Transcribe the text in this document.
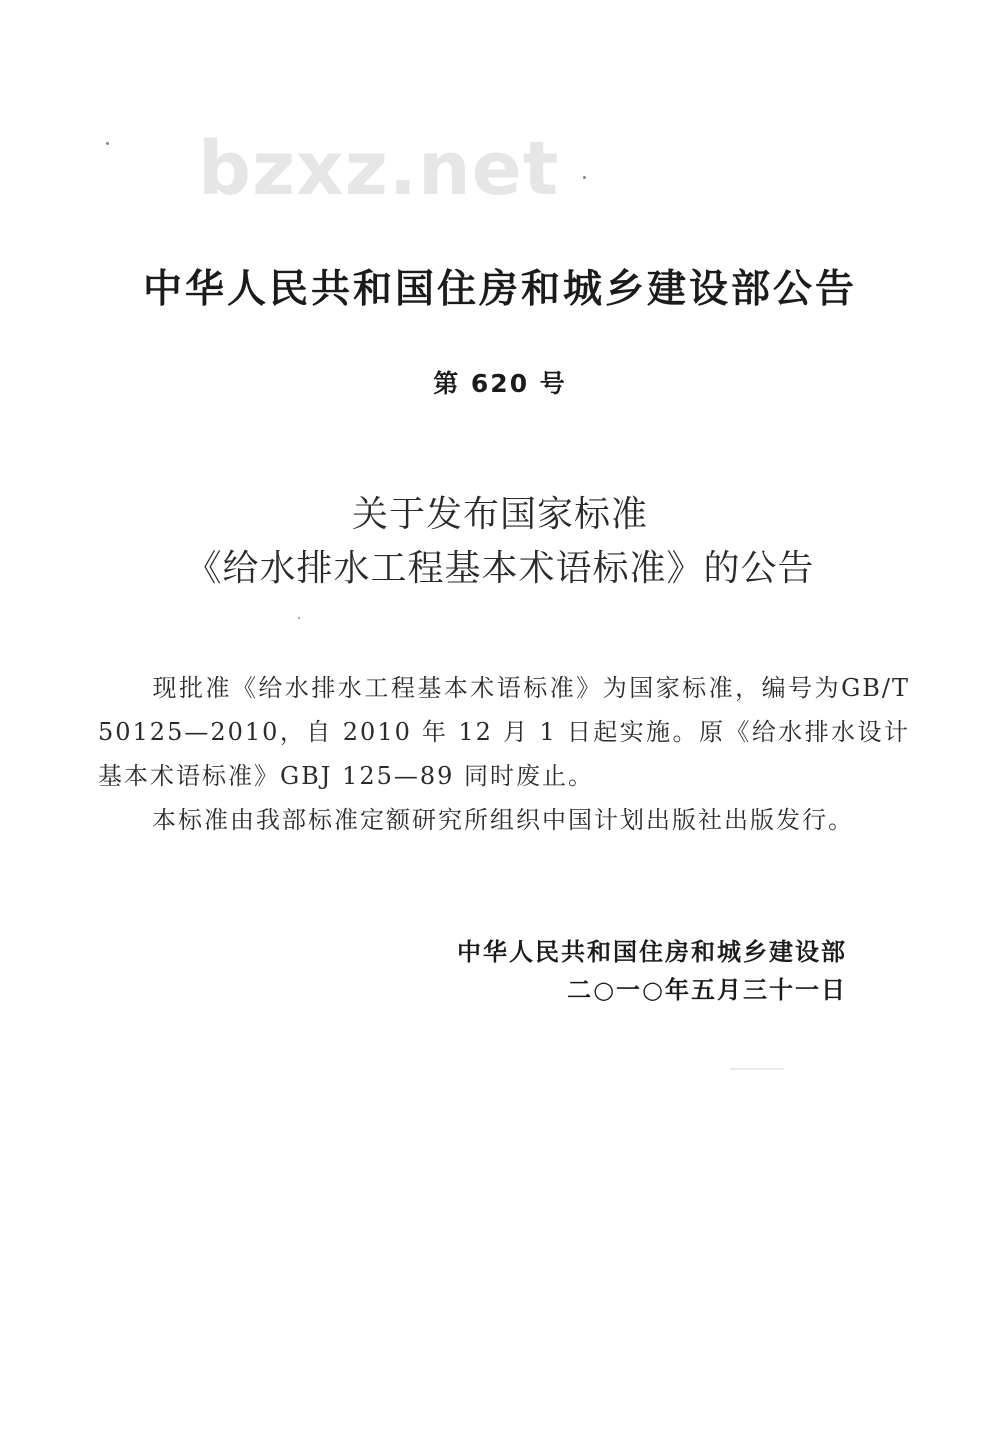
bzxz.net
中华人民共和国住房和城乡建设部公告
第 620 号
关于发布国家标准
《给水排水工程基本术语标准》的公告
现批准《给水排水工程基本术语标准》为国家标准，编号为GB/T 50125—2010，自 2010 年 12 月 1 日起实施。原《给水排水设计基本术语标准》GBJ 125—89 同时废止。
本标准由我部标准定额研究所组织中国计划出版社出版发行。
中华人民共和国住房和城乡建设部
二○一○年五月三十一日
